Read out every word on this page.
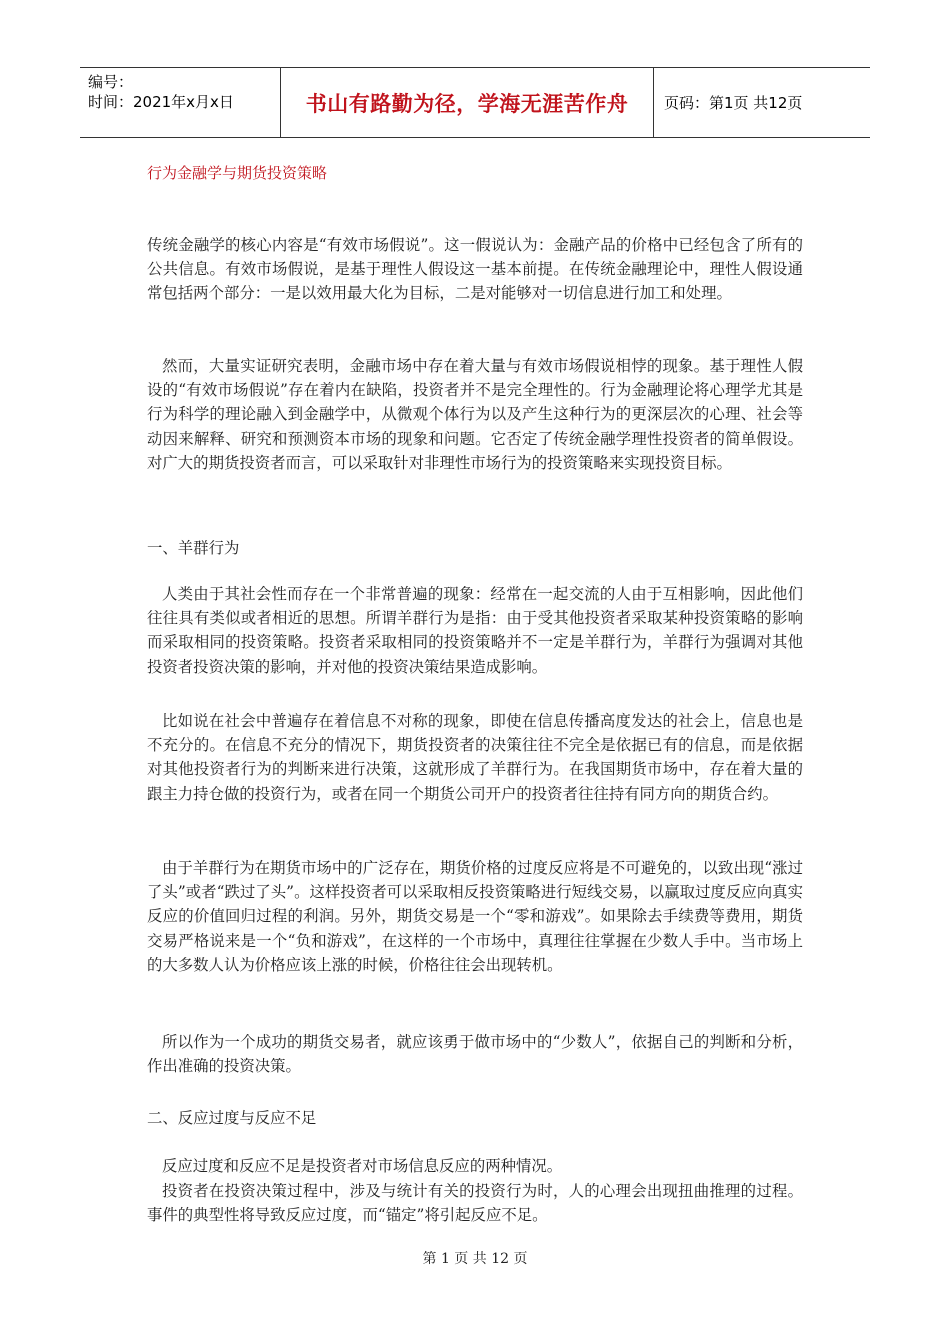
编号：
时间：2021年x月x日	书山有路勤为径，学海无涯苦作舟	页码：第1页 共12页
行为金融学与期货投资策略
传统金融学的核心内容是“有效市场假说”。这一假说认为：金融产品的价格中已经包含了所有的公共信息。有效市场假说，是基于理性人假设这一基本前提。在传统金融理论中，理性人假设通常包括两个部分：一是以效用最大化为目标，二是对能够对一切信息进行加工和处理。
然而，大量实证研究表明，金融市场中存在着大量与有效市场假说相悖的现象。基于理性人假设的“有效市场假说”存在着内在缺陷，投资者并不是完全理性的。行为金融理论将心理学尤其是行为科学的理论融入到金融学中，从微观个体行为以及产生这种行为的更深层次的心理、社会等动因来解释、研究和预测资本市场的现象和问题。它否定了传统金融学理性投资者的简单假设。对广大的期货投资者而言，可以采取针对非理性市场行为的投资策略来实现投资目标。
一、羊群行为
人类由于其社会性而存在一个非常普遍的现象：经常在一起交流的人由于互相影响，因此他们往往具有类似或者相近的思想。所谓羊群行为是指：由于受其他投资者采取某种投资策略的影响而采取相同的投资策略。投资者采取相同的投资策略并不一定是羊群行为，羊群行为强调对其他投资者投资决策的影响，并对他的投资决策结果造成影响。
比如说在社会中普遍存在着信息不对称的现象，即使在信息传播高度发达的社会上，信息也是不充分的。在信息不充分的情况下，期货投资者的决策往往不完全是依据已有的信息，而是依据对其他投资者行为的判断来进行决策，这就形成了羊群行为。在我国期货市场中，存在着大量的跟主力持仓做的投资行为，或者在同一个期货公司开户的投资者往往持有同方向的期货合约。
由于羊群行为在期货市场中的广泛存在，期货价格的过度反应将是不可避免的，以致出现“涨过了头”或者“跌过了头”。这样投资者可以采取相反投资策略进行短线交易，以赢取过度反应向真实反应的价值回归过程的利润。另外，期货交易是一个“零和游戏”。如果除去手续费等费用，期货交易严格说来是一个“负和游戏”，在这样的一个市场中，真理往往掌握在少数人手中。当市场上的大多数人认为价格应该上涨的时候，价格往往会出现转机。
所以作为一个成功的期货交易者，就应该勇于做市场中的“少数人”，依据自己的判断和分析，作出准确的投资决策。
二、反应过度与反应不足
反应过度和反应不足是投资者对市场信息反应的两种情况。
投资者在投资决策过程中，涉及与统计有关的投资行为时，人的心理会出现扭曲推理的过程。事件的典型性将导致反应过度，而“锚定”将引起反应不足。
第 1 页 共 12 页
